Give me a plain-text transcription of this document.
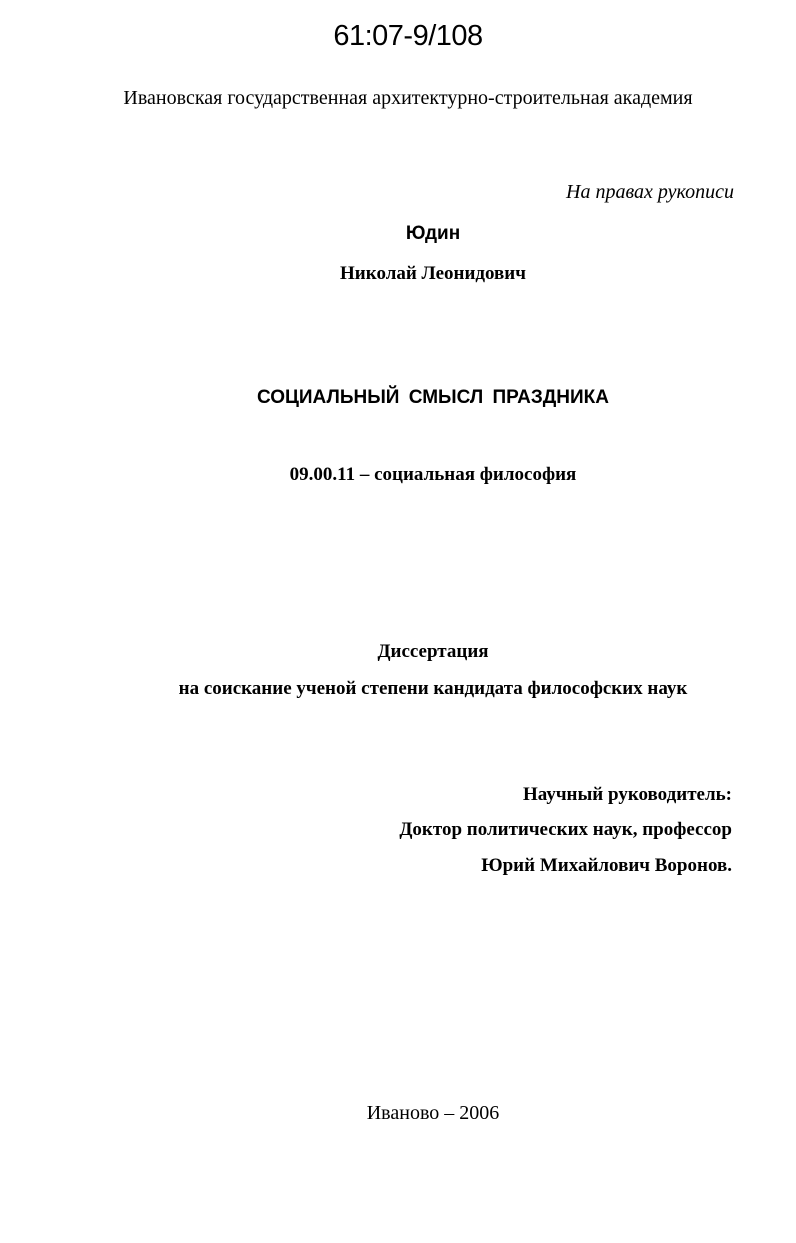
61:07-9/108
Ивановская государственная архитектурно-строительная академия
На правах рукописи
Юдин
Николай Леонидович
СОЦИАЛЬНЫЙ СМЫСЛ ПРАЗДНИКА
09.00.11 – социальная философия
Диссертация
на соискание ученой степени кандидата философских наук
Научный руководитель:
Доктор политических наук, профессор
Юрий Михайлович Воронов.
Иваново – 2006
